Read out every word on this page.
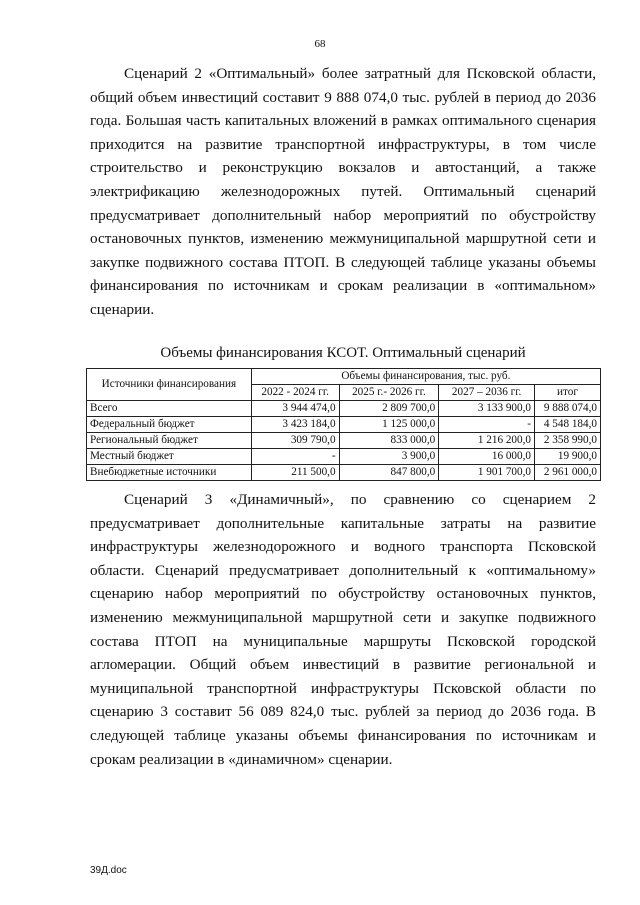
68

Сценарий 2 «Оптимальный» более затратный для Псковской области, общий объем инвестиций составит 9 888 074,0 тыс. рублей в период до 2036 года. Большая часть капитальных вложений в рамках оптимального сценария приходится на развитие транспортной инфраструктуры, в том числе строительство и реконструкцию вокзалов и автостанций, а также электрификацию железнодорожных путей. Оптимальный сценарий предусматривает дополнительный набор мероприятий по обустройству остановочных пунктов, изменению межмуниципальной маршрутной сети и закупке подвижного состава ПТОП. В следующей таблице указаны объемы финансирования по источникам и срокам реализации в «оптимальном» сценарии.

Объемы финансирования КСОТ. Оптимальный сценарий
Источники финансирования	Объемы финансирования, тыс. руб.			
	2022 - 2024 гг.	2025 г.- 2026 гг.	2027 – 2036 гг.	итог
Всего	3 944 474,0	2 809 700,0	3 133 900,0	9 888 074,0
Федеральный бюджет	3 423 184,0	1 125 000,0	-	4 548 184,0
Региональный бюджет	309 790,0	833 000,0	1 216 200,0	2 358 990,0
Местный бюджет	-	3 900,0	16 000,0	19 900,0
Внебюджетные источники	211 500,0	847 800,0	1 901 700,0	2 961 000,0

Сценарий 3 «Динамичный», по сравнению со сценарием 2 предусматривает дополнительные капитальные затраты на развитие инфраструктуры железнодорожного и водного транспорта Псковской области. Сценарий предусматривает дополнительный к «оптимальному» сценарию набор мероприятий по обустройству остановочных пунктов, изменению межмуниципальной маршрутной сети и закупке подвижного состава ПТОП на муниципальные маршруты Псковской городской агломерации. Общий объем инвестиций в развитие региональной и муниципальной транспортной инфраструктуры Псковской области по сценарию 3 составит 56 089 824,0 тыс. рублей за период до 2036 года. В следующей таблице указаны объемы финансирования по источникам и срокам реализации в «динамичном» сценарии.

39Д.doc
